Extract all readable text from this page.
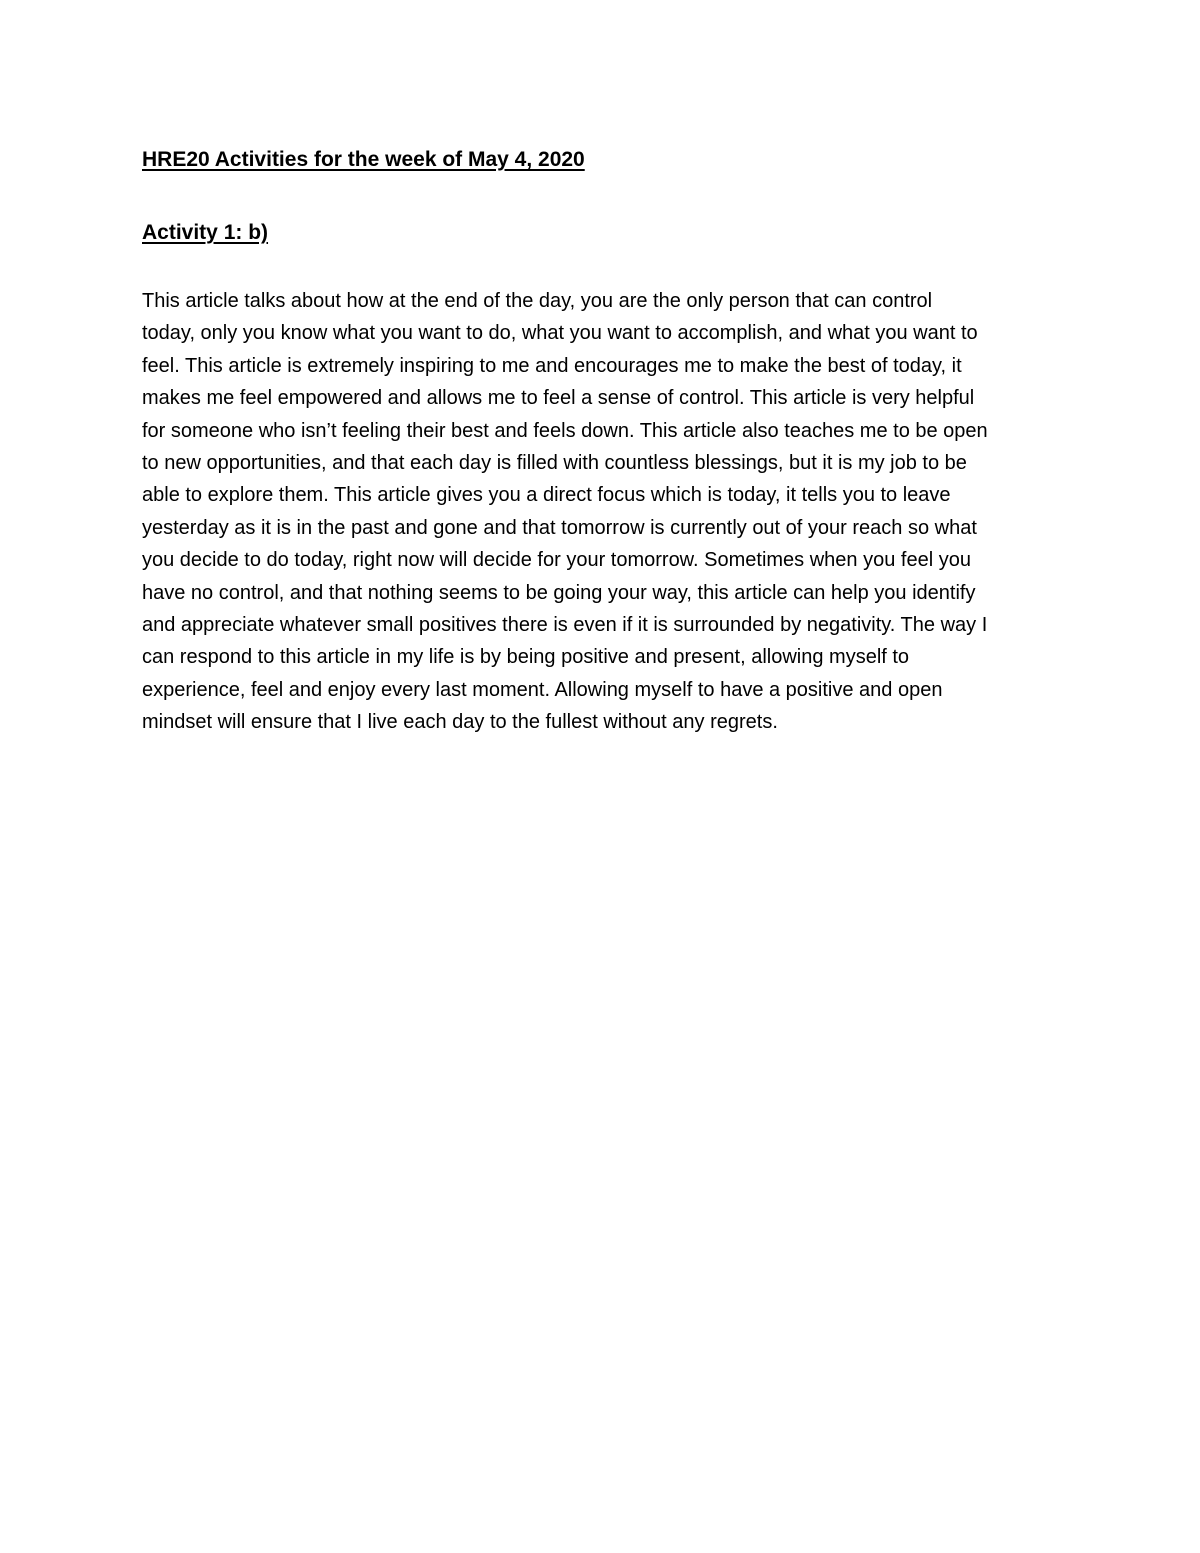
HRE20 Activities for the week of May 4, 2020
Activity 1: b)

This article talks about how at the end of the day, you are the only person that can control
today, only you know what you want to do, what you want to accomplish, and what you want to
feel. This article is extremely inspiring to me and encourages me to make the best of today, it
makes me feel empowered and allows me to feel a sense of control. This article is very helpful
for someone who isn’t feeling their best and feels down. This article also teaches me to be open
to new opportunities, and that each day is filled with countless blessings, but it is my job to be
able to explore them. This article gives you a direct focus which is today, it tells you to leave
yesterday as it is in the past and gone and that tomorrow is currently out of your reach so what
you decide to do today, right now will decide for your tomorrow. Sometimes when you feel you
have no control, and that nothing seems to be going your way, this article can help you identify
and appreciate whatever small positives there is even if it is surrounded by negativity. The way I
can respond to this article in my life is by being positive and present, allowing myself to
experience, feel and enjoy every last moment. Allowing myself to have a positive and open
mindset will ensure that I live each day to the fullest without any regrets.
